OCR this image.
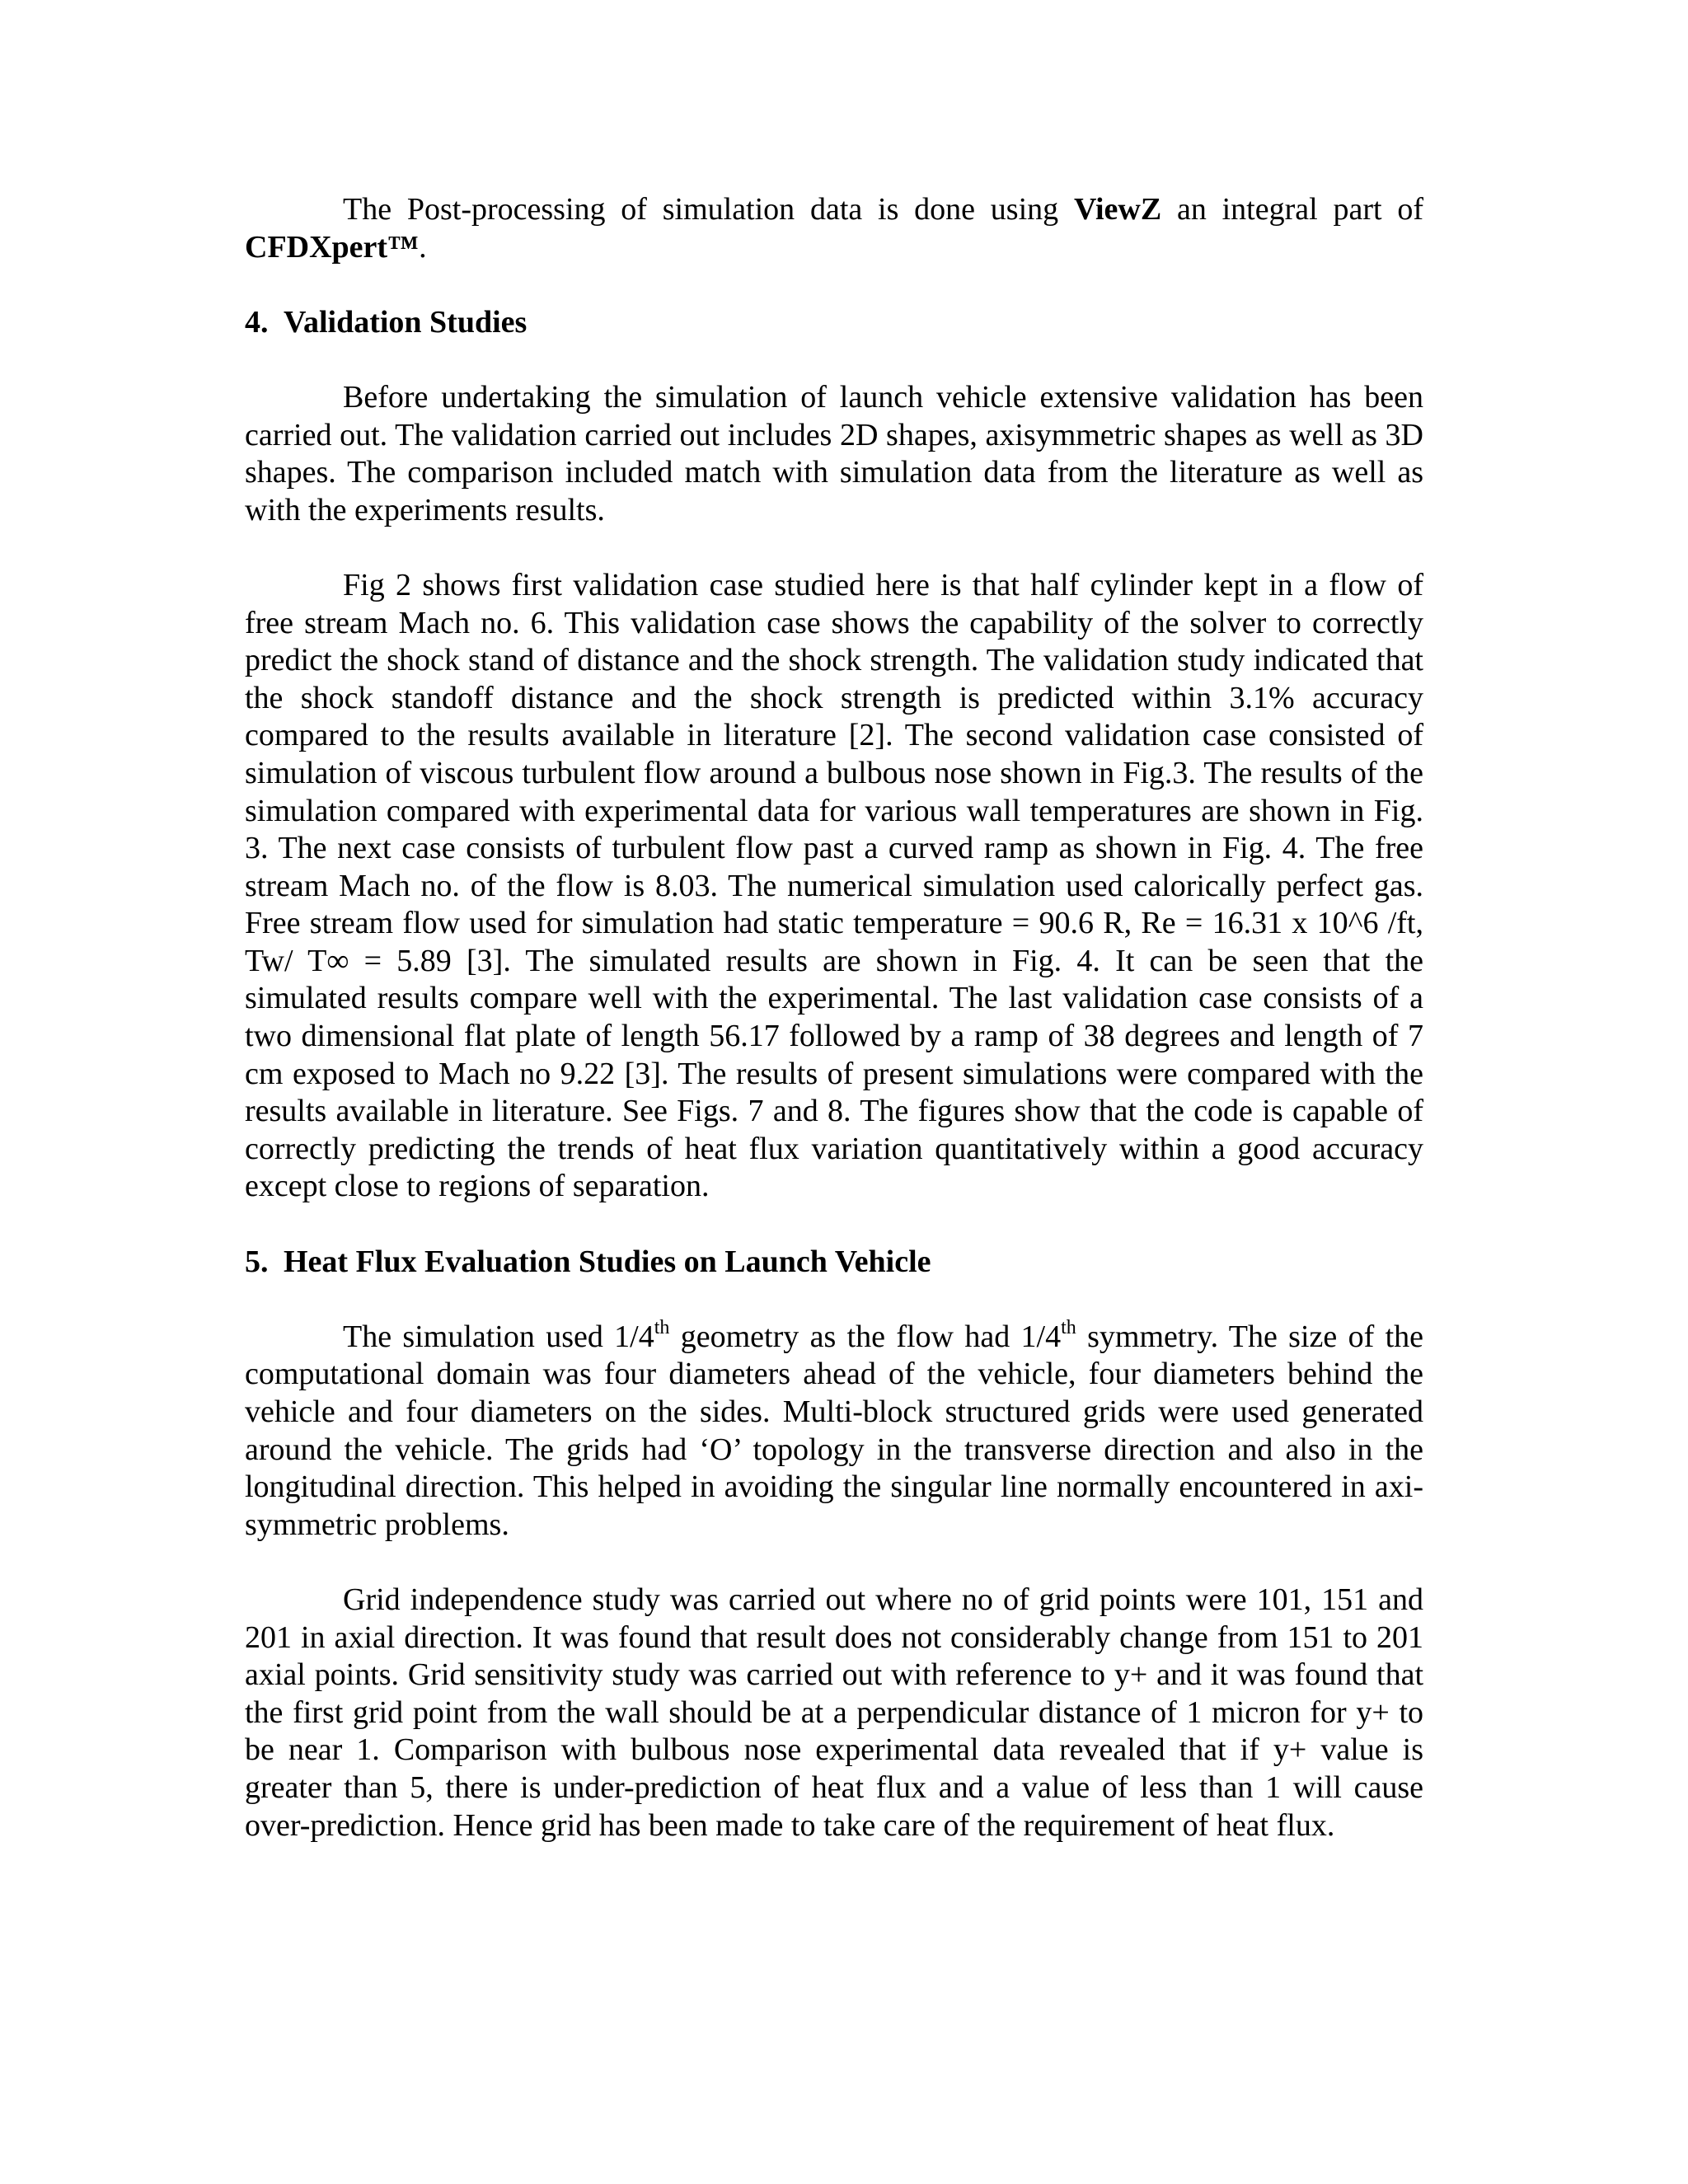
The Post-processing of simulation data is done using ViewZ an integral part of CFDXpert™.

4. Validation Studies

Before undertaking the simulation of launch vehicle extensive validation has been carried out. The validation carried out includes 2D shapes, axisymmetric shapes as well as 3D shapes. The comparison included match with simulation data from the literature as well as with the experiments results.

Fig 2 shows first validation case studied here is that half cylinder kept in a flow of free stream Mach no. 6. This validation case shows the capability of the solver to correctly predict the shock stand of distance and the shock strength. The validation study indicated that the shock standoff distance and the shock strength is predicted within 3.1% accuracy compared to the results available in literature [2]. The second validation case consisted of simulation of viscous turbulent flow around a bulbous nose shown in Fig.3. The results of the simulation compared with experimental data for various wall temperatures are shown in Fig. 3. The next case consists of turbulent flow past a curved ramp as shown in Fig. 4. The free stream Mach no. of the flow is 8.03. The numerical simulation used calorically perfect gas. Free stream flow used for simulation had static temperature = 90.6 R, Re = 16.31 x 10^6 /ft, Tw/ T∞ = 5.89 [3]. The simulated results are shown in Fig. 4. It can be seen that the simulated results compare well with the experimental. The last validation case consists of a two dimensional flat plate of length 56.17 followed by a ramp of 38 degrees and length of 7 cm exposed to Mach no 9.22 [3]. The results of present simulations were compared with the results available in literature. See Figs. 7 and 8. The figures show that the code is capable of correctly predicting the trends of heat flux variation quantitatively within a good accuracy except close to regions of separation.

5. Heat Flux Evaluation Studies on Launch Vehicle

The simulation used 1/4th geometry as the flow had 1/4th symmetry. The size of the computational domain was four diameters ahead of the vehicle, four diameters behind the vehicle and four diameters on the sides. Multi-block structured grids were used generated around the vehicle. The grids had ‘O’ topology in the transverse direction and also in the longitudinal direction. This helped in avoiding the singular line normally encountered in axi-symmetric problems.

Grid independence study was carried out where no of grid points were 101, 151 and 201 in axial direction. It was found that result does not considerably change from 151 to 201 axial points. Grid sensitivity study was carried out with reference to y+ and it was found that the first grid point from the wall should be at a perpendicular distance of 1 micron for y+ to be near 1. Comparison with bulbous nose experimental data revealed that if y+ value is greater than 5, there is under-prediction of heat flux and a value of less than 1 will cause over-prediction. Hence grid has been made to take care of the requirement of heat flux.
